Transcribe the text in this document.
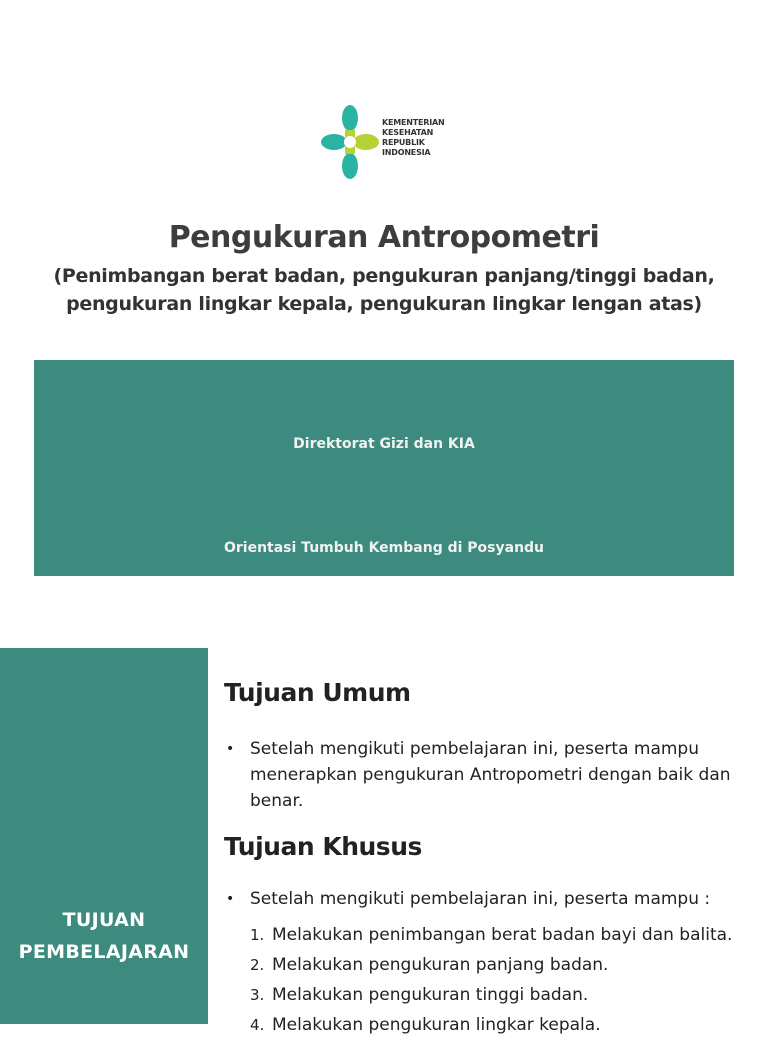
KEMENTERIAN
KESEHATAN
REPUBLIK
INDONESIA
Pengukuran Antropometri
(Penimbangan berat badan, pengukuran panjang/tinggi badan,
pengukuran lingkar kepala, pengukuran lingkar lengan atas)
Direktorat Gizi dan KIA
Orientasi Tumbuh Kembang di Posyandu
TUJUAN
PEMBELAJARAN
Tujuan Umum
• Setelah mengikuti pembelajaran ini, peserta mampu menerapkan pengukuran Antropometri dengan baik dan benar.
Tujuan Khusus
• Setelah mengikuti pembelajaran ini, peserta mampu :
1. Melakukan penimbangan berat badan bayi dan balita.
2. Melakukan pengukuran panjang badan.
3. Melakukan pengukuran tinggi badan.
4. Melakukan pengukuran lingkar kepala.
